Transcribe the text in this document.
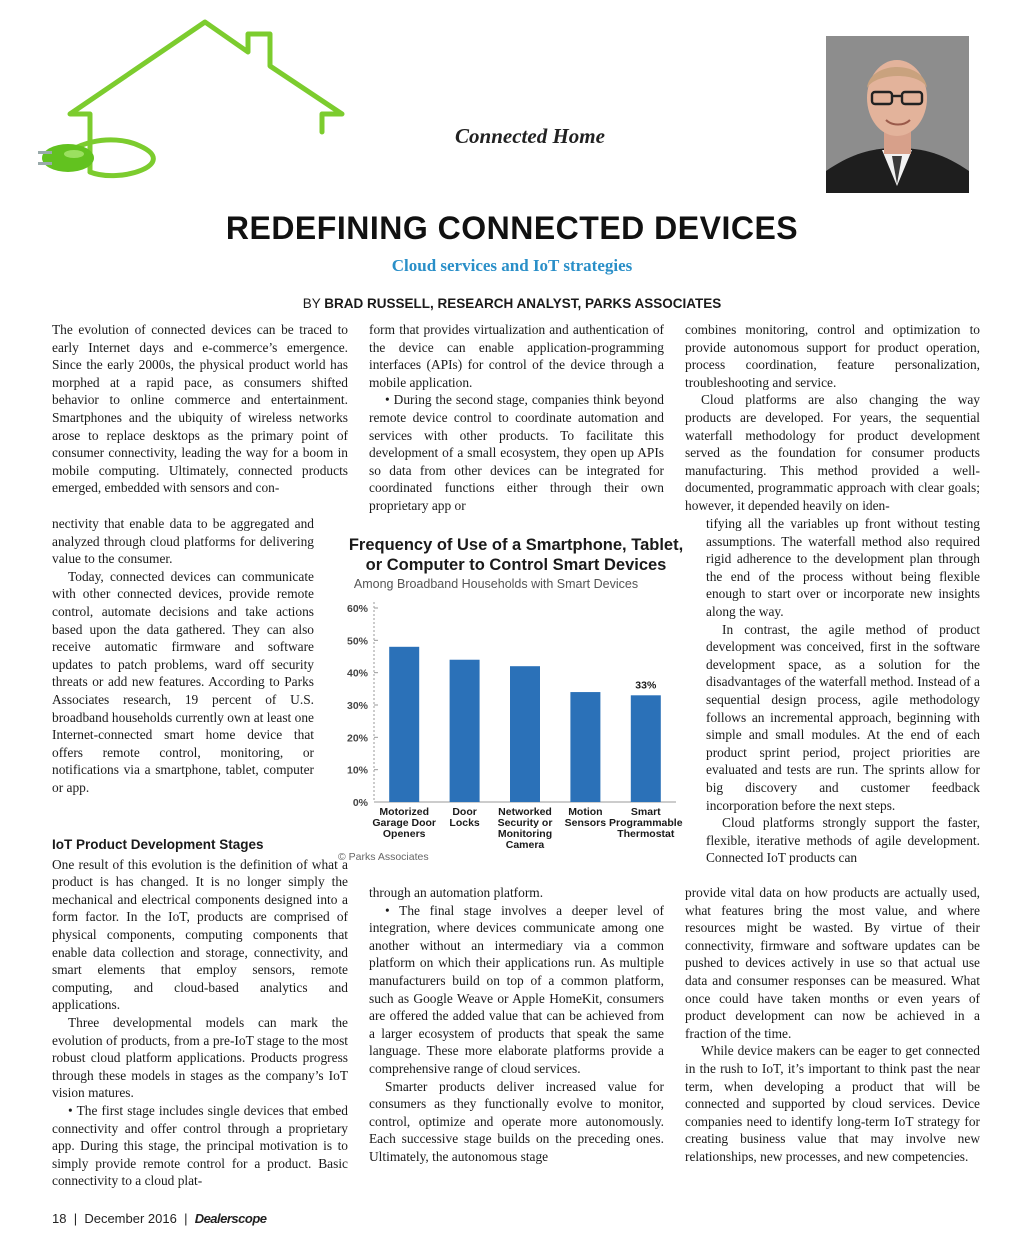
Connected Home
REDEFINING CONNECTED DEVICES
Cloud services and IoT strategies
BY BRAD RUSSELL, RESEARCH ANALYST, PARKS ASSOCIATES

The evolution of connected devices can be traced to early Internet days and e-commerce’s emergence. Since the early 2000s, the physical product world has morphed at a rapid pace, as consumers shifted behavior to online commerce and entertainment. Smartphones and the ubiquity of wireless networks arose to replace desktops as the primary point of consumer connectivity, leading the way for a boom in mobile computing. Ultimately, connected products emerged, embedded with sensors and con-

nectivity that enable data to be aggregated and analyzed through cloud platforms for delivering value to the consumer.

Today, connected devices can communicate with other connected devices, provide remote control, automate decisions and take actions based upon the data gathered. They can also receive automatic firmware and software updates to patch problems, ward off security threats or add new features. According to Parks Associates research, 19 percent of U.S. broadband households currently own at least one Internet-connected smart home device that offers remote control, monitoring, or notifications via a smartphone, tablet, computer or app.

IoT Product Development Stages

One result of this evolution is the definition of what a product is has changed. It is no longer simply the mechanical and electrical components designed into a form factor. In the IoT, products are comprised of physical components, computing components that enable data collection and storage, connectivity, and smart elements that employ sensors, remote computing, and cloud-based analytics and applications.

Three developmental models can mark the evolution of products, from a pre-IoT stage to the most robust cloud platform applications. Products progress through these models in stages as the company’s IoT vision matures.

• The first stage includes single devices that embed connectivity and offer control through a proprietary app. During this stage, the principal motivation is to simply provide remote control for a product. Basic connectivity to a cloud plat-

form that provides virtualization and authentication of the device can enable application-programming interfaces (APIs) for control of the device through a mobile application.

• During the second stage, companies think beyond remote device control to coordinate automation and services with other products. To facilitate this development of a small ecosystem, they open up APIs so data from other devices can be integrated for coordinated functions either through their own proprietary app or

through an automation platform.

• The final stage involves a deeper level of integration, where devices communicate among one another without an intermediary via a common platform on which their applications run. As multiple manufacturers build on top of a common platform, such as Google Weave or Apple HomeKit, consumers are offered the added value that can be achieved from a larger ecosystem of products that speak the same language. These more elaborate platforms provide a comprehensive range of cloud services.

Smarter products deliver increased value for consumers as they functionally evolve to monitor, control, optimize and operate more autonomously. Each successive stage builds on the preceding ones. Ultimately, the autonomous stage

combines monitoring, control and optimization to provide autonomous support for product operation, process coordination, feature personalization, troubleshooting and service.

Cloud platforms are also changing the way products are developed. For years, the sequential waterfall methodology for product development served as the foundation for consumer products manufacturing. This method provided a well-documented, programmatic approach with clear goals; however, it depended heavily on iden-

tifying all the variables up front without testing assumptions. The waterfall method also required rigid adherence to the development plan through the end of the process without being flexible enough to start over or incorporate new insights along the way.

In contrast, the agile method of product development was conceived, first in the software development space, as a solution for the disadvantages of the waterfall method. Instead of a sequential design process, agile methodology follows an incremental approach, beginning with simple and small modules. At the end of each product sprint period, project priorities are evaluated and tests are run. The sprints allow for big discovery and customer feedback incorporation before the next steps.

Cloud platforms strongly support the faster, flexible, iterative methods of agile development. Connected IoT products can

provide vital data on how products are actually used, what features bring the most value, and where resources might be wasted. By virtue of their connectivity, firmware and software updates can be pushed to devices actively in use so that actual use data and consumer responses can be measured. What once could have taken months or even years of product development can now be achieved in a fraction of the time.

While device makers can be eager to get connected in the rush to IoT, it’s important to think past the near term, when developing a product that will be connected and supported by cloud services. Device companies need to identify long-term IoT strategy for creating business value that may involve new relationships, new processes, and new competencies.

Frequency of Use of a Smartphone, Tablet,
or Computer to Control Smart Devices
Among Broadband Households with Smart Devices
0%
10%
20%
30%
40%
50%
60%
Motorized
Garage Door
Openers
Door
Locks
Networked
Security or
Monitoring
Camera
Motion
Sensors
Smart
Programmable
Thermostat
33%
© Parks Associates
18 | December 2016 | Dealerscope
